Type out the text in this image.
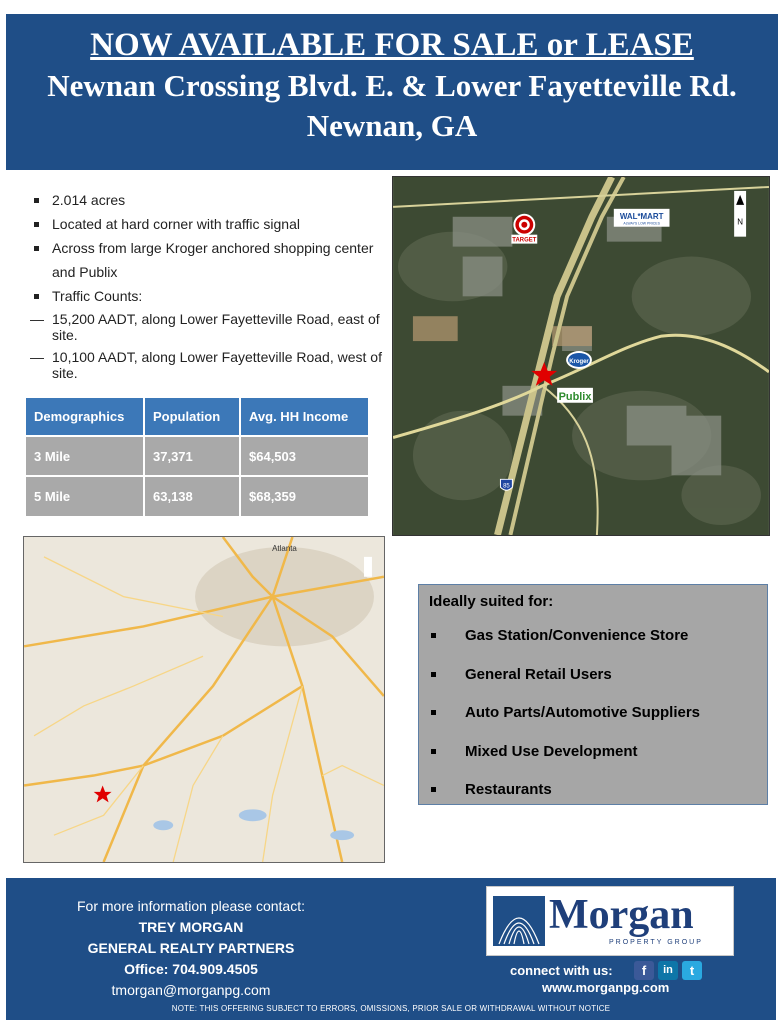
NOW AVAILABLE FOR SALE or LEASE
Newnan Crossing Blvd. E. & Lower Fayetteville Rd.
Newnan, GA
2.014 acres
Located at hard corner with traffic signal
Across from large Kroger anchored shopping center and Publix
Traffic Counts:
— 15,200 AADT, along Lower Fayetteville Road, east of site.
— 10,100 AADT, along Lower Fayetteville Road, west of site.
Demographics	Population	Avg. HH Income
3 Mile	37,371	$64,503
5 Mile	63,138	$68,359
TARGET
WAL*MART
ALWAYS LOW PRICES	N
Kroger
Publix
85
Atlanta
Ideally suited for:
Gas Station/Convenience Store
General Retail Users
Auto Parts/Automotive Suppliers
Mixed Use Development
Restaurants
For more information please contact:
TREY MORGAN
GENERAL REALTY PARTNERS
Office: 704.909.4505
tmorgan@morganpg.com
Morgan
PROPERTY GROUP
connect with us:	f	in	t
www.morganpg.com
NOTE: THIS OFFERING SUBJECT TO ERRORS, OMISSIONS, PRIOR SALE OR WITHDRAWAL WITHOUT NOTICE
